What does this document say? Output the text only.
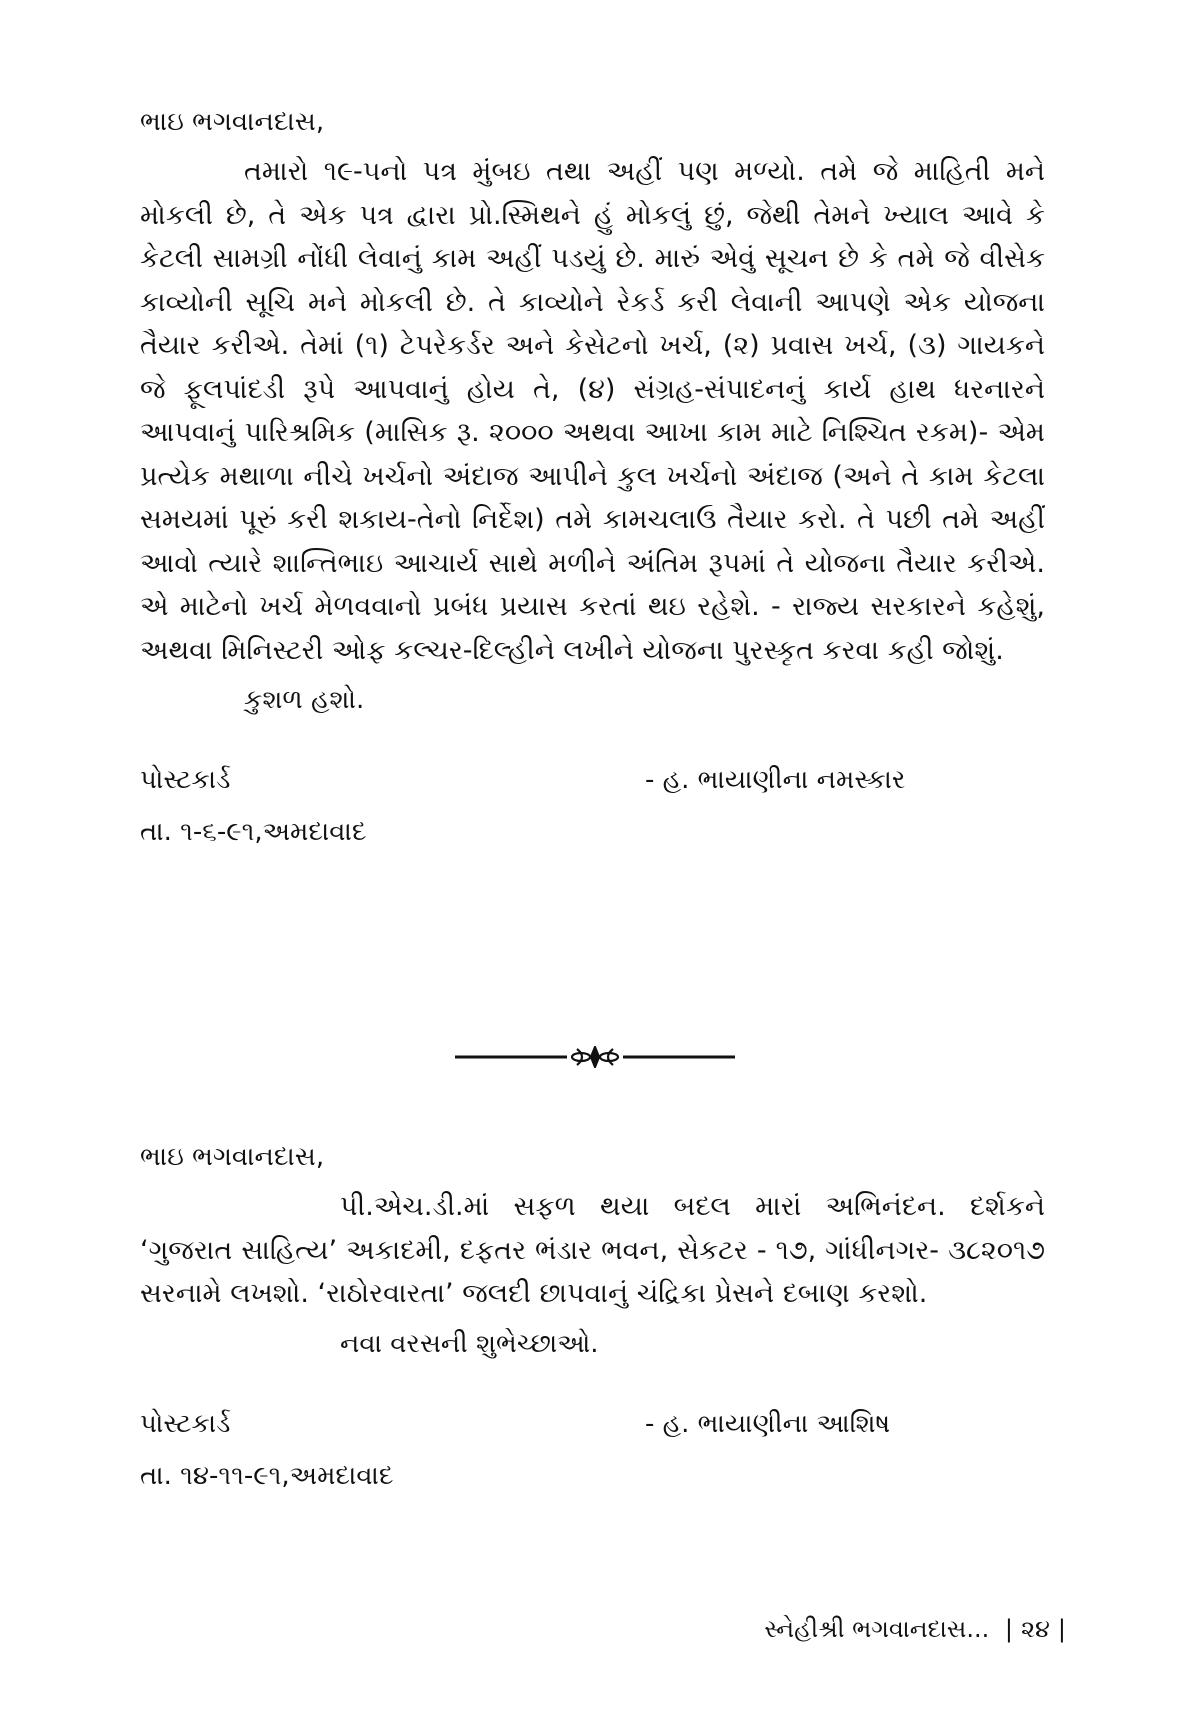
ભાઇ ભગવાનદાસ,

તમારો ૧૯-૫નો પત્ર મુંબઇ તથા અહીં પણ મળ્યો. તમે જે માહિતી મને મોકલી છે, તે એક પત્ર દ્વારા પ્રો.સ્મિથને હું મોકલું છું, જેથી તેમને ખ્યાલ આવે કે કેટલી સામગ્રી નોંધી લેવાનું કામ અહીં પડયું છે. મારું એવું સૂચન છે કે તમે જે વીસેક કાવ્યોની સૂચિ મને મોકલી છે. તે કાવ્યોને રેકર્ડ કરી લેવાની આપણે એક યોજના તૈયાર કરીએ. તેમાં (૧) ટેપરેકર્ડર અને કેસેટનો ખર્ચ, (૨) પ્રવાસ ખર્ચ, (૩) ગાયકને જે ફૂલપાંદડી રૂપે આપવાનું હોય તે, (૪) સંગ્રહ-સંપાદનનું કાર્ય હાથ ધરનારને આપવાનું પારિશ્રમિક (માસિક રૂ. ૨૦૦૦ અથવા આખા કામ માટે નિશ્ચિત રકમ)- એમ પ્રત્યેક મથાળા નીચે ખર્ચનો અંદાજ આપીને કુલ ખર્ચનો અંદાજ (અને તે કામ કેટલા સમયમાં પૂરું કરી શકાય-તેનો નિર્દેશ) તમે કામચલાઉ તૈયાર કરો. તે પછી તમે અહીં આવો ત્યારે શાન્તિભાઇ આચાર્ય સાથે મળીને અંતિમ રૂપમાં તે યોજના તૈયાર કરીએ. એ માટેનો ખર્ચ મેળવવાનો પ્રબંધ પ્રયાસ કરતાં થઇ રહેશે. - રાજ્ય સરકારને કહેશું, અથવા મિનિસ્ટરી ઓફ કલ્ચર-દિલ્હીને લખીને યોજના પુરસ્કૃત કરવા કહી જોશું.

કુશળ હશો.
પોસ્ટકાર્ડ	- હ. ભાયાણીના નમસ્કાર
તા. ૧-૬-૯૧,અમદાવાદ
ભાઇ ભગવાનદાસ,

પી.એચ.ડી.માં સફળ થયા બદલ મારાં અભિનંદન. દર્શકને ‘ગુજરાત સાહિત્ય’ અકાદમી, દફતર ભંડાર ભવન, સેકટર - ૧૭, ગાંધીનગર- ૩૮૨૦૧૭ સરનામે લખશો. ‘રાઠોરવારતા’ જલદી છાપવાનું ચંદ્રિકા પ્રેસને દબાણ કરશો.

નવા વરસની શુભેચ્છાઓ.
પોસ્ટકાર્ડ	- હ. ભાયાણીના આશિષ
તા. ૧૪-૧૧-૯૧,અમદાવાદ
સ્નેહીશ્રી ભગવાનદાસ... | ૨૪ |
